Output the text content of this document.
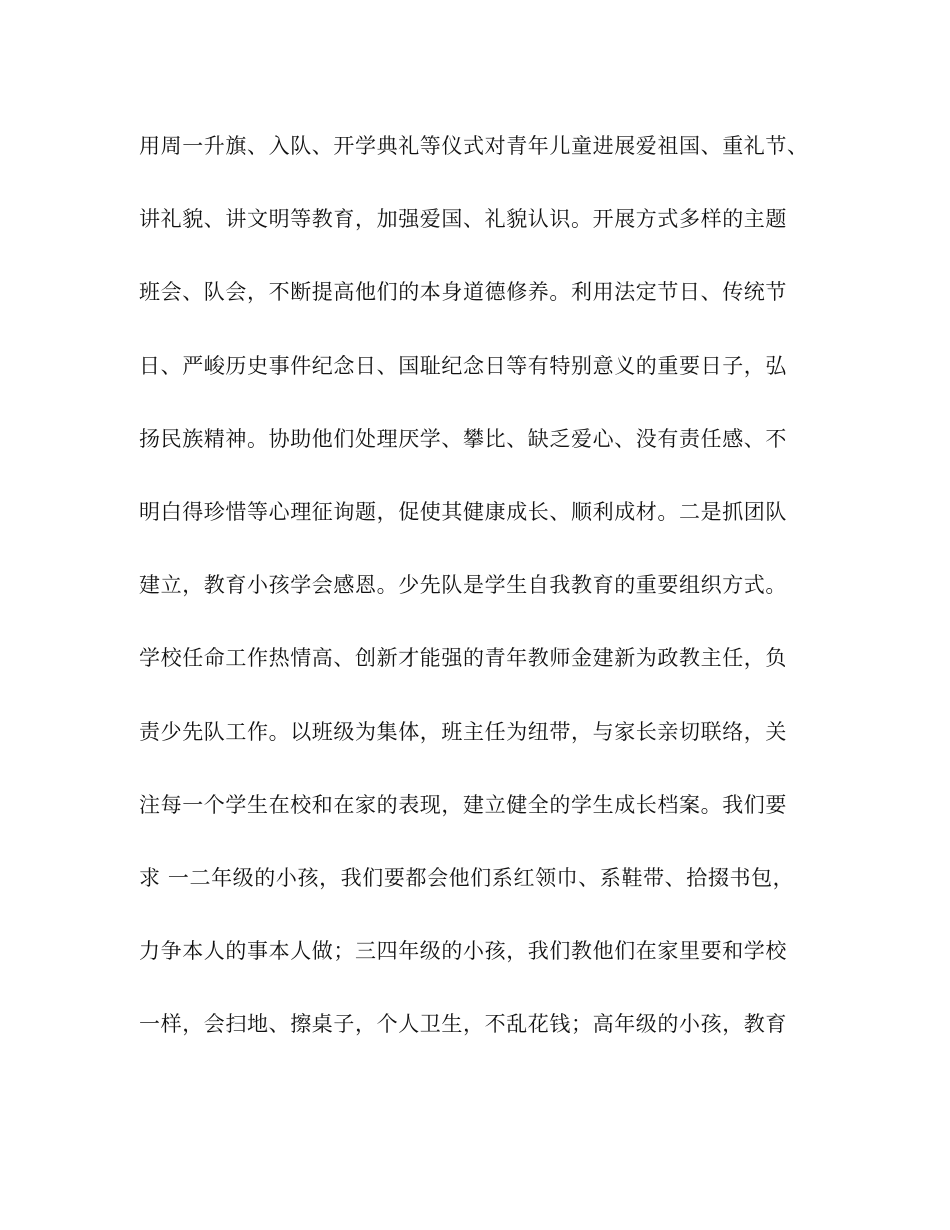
用周一升旗、入队、开学典礼等仪式对青年儿童进展爱祖国、重礼节、
讲礼貌、讲文明等教育，加强爱国、礼貌认识。开展方式多样的主题
班会、队会，不断提高他们的本身道德修养。利用法定节日、传统节
日、严峻历史事件纪念日、国耻纪念日等有特别意义的重要日子，弘
扬民族精神。协助他们处理厌学、攀比、缺乏爱心、没有责任感、不
明白得珍惜等心理征询题，促使其健康成长、顺利成材。二是抓团队
建立，教育小孩学会感恩。少先队是学生自我教育的重要组织方式。
学校任命工作热情高、创新才能强的青年教师金建新为政教主任，负
责少先队工作。以班级为集体，班主任为纽带，与家长亲切联络，关
注每一个学生在校和在家的表现，建立健全的学生成长档案。我们要
求 一二年级的小孩，我们要都会他们系红领巾、系鞋带、拾掇书包，
力争本人的事本人做；三四年级的小孩，我们教他们在家里要和学校
一样，会扫地、擦桌子，个人卫生，不乱花钱；高年级的小孩，教育
